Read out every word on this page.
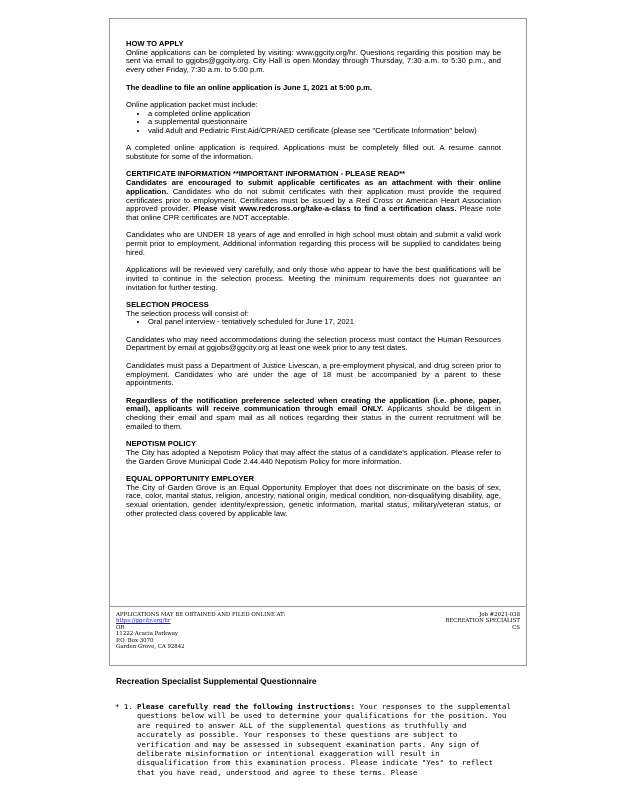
HOW TO APPLY

Online applications can be completed by visiting: www.ggcity.org/hr. Questions regarding this position may be sent via email to ggjobs@ggcity.org. City Hall is open Monday through Thursday, 7:30 a.m. to 5:30 p.m., and every other Friday, 7:30 a.m. to 5:00 p.m.

The deadline to file an online application is June 1, 2021 at 5:00 p.m.

Online application packet must include:

• a completed online application
• a supplemental questionnaire
• valid Adult and Pediatric First Aid/CPR/AED certificate (please see "Certificate Information" below)

A completed online application is required. Applications must be completely filled out. A resume cannot substitute for some of the information.

CERTIFICATE INFORMATION **IMPORTANT INFORMATION - PLEASE READ**

Candidates are encouraged to submit applicable certificates as an attachment with their online application. Candidates who do not submit certificates with their application must provide the required certificates prior to employment. Certificates must be issued by a Red Cross or American Heart Association approved provider. Please visit www.redcross.org/take-a-class to find a certification class. Please note that online CPR certificates are NOT acceptable.

Candidates who are UNDER 18 years of age and enrolled in high school must obtain and submit a valid work permit prior to employment. Additional information regarding this process will be supplied to candidates being hired.

Applications will be reviewed very carefully, and only those who appear to have the best qualifications will be invited to continue in the selection process. Meeting the minimum requirements does not guarantee an invitation for further testing.

SELECTION PROCESS

The selection process will consist of:

• Oral panel interview - tentatively scheduled for June 17, 2021

Candidates who may need accommodations during the selection process must contact the Human Resources Department by email at ggjobs@ggcity.org at least one week prior to any test dates.

Candidates must pass a Department of Justice Livescan, a pre-employment physical, and drug screen prior to employment. Candidates who are under the age of 18 must be accompanied by a parent to these appointments.

Regardless of the notification preference selected when creating the application (i.e. phone, paper, email), applicants will receive communication through email ONLY. Applicants should be diligent in checking their email and spam mail as all notices regarding their status in the current recruitment will be emailed to them.

NEPOTISM POLICY

The City has adopted a Nepotism Policy that may affect the status of a candidate's application. Please refer to the Garden Grove Municipal Code 2.44.440 Nepotism Policy for more information.

EQUAL OPPORTUNITY EMPLOYER

The City of Garden Grove is an Equal Opportunity Employer that does not discriminate on the basis of sex, race, color, marital status, religion, ancestry, national origin, medical condition, non-disqualifying disability, age, sexual orientation, gender identity/expression, genetic information, marital status, military/veteran status, or other protected class covered by applicable law.

APPLICATIONS MAY BE OBTAINED AND FILED ONLINE AT:
https://ggcity.org/hr
OR
11222 Acacia Parkway
P.O. Box 3070
Garden Grove, CA 92842
Job #2021-038
RECREATION SPECIALIST
CS
Recreation Specialist Supplemental Questionnaire
* 1. Please carefully read the following instructions: Your responses to the supplemental questions below will be used to determine your qualifications for the position. You are required to answer ALL of the supplemental questions as truthfully and accurately as possible. Your responses to these questions are subject to verification and may be assessed in subsequent examination parts. Any sign of deliberate misinformation or intentional exaggeration will result in disqualification from this examination process. Please indicate "Yes" to reflect that you have read, understood and agree to these terms. Please
